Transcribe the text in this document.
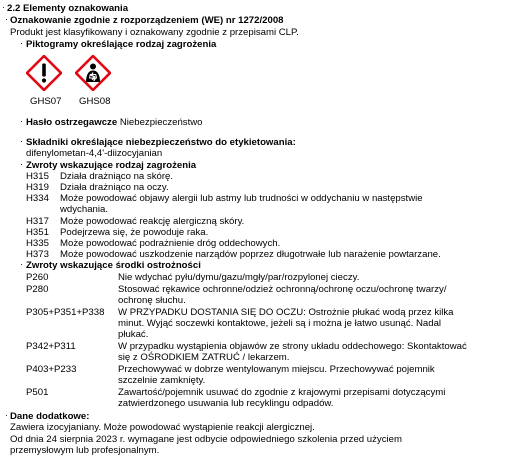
· 2.2 Elementy oznakowania
· Oznakowanie zgodnie z rozporządzeniem (WE) nr 1272/2008
Produkt jest klasyfikowany i oznakowany zgodnie z przepisami CLP.
· Piktogramy określające rodzaj zagrożenia
GHS07 GHS08
· Hasło ostrzegawcze Niebezpieczeństwo
· Składniki określające niebezpieczeństwo do etykietowania:
difenylometan-4,4'-diizocyjanian
· Zwroty wskazujące rodzaj zagrożenia
H315 Działa drażniąco na skórę.
H319 Działa drażniąco na oczy.
H334 Może powodować objawy alergii lub astmy lub trudności w oddychaniu w następstwie
wdychania.
H317 Może powodować reakcję alergiczną skóry.
H351 Podejrzewa się, że powoduje raka.
H335 Może powodować podrażnienie dróg oddechowych.
H373 Może powodować uszkodzenie narządów poprzez długotrwałe lub narażenie powtarzane.
· Zwroty wskazujące środki ostrożności
P260	Nie wdychać pyłu/dymu/gazu/mgły/par/rozpylonej cieczy.
P280	Stosować rękawice ochronne/odzież ochronną/ochronę oczu/ochronę twarzy/
ochronę słuchu.
P305+P351+P338 W PRZYPADKU DOSTANIA SIĘ DO OCZU: Ostrożnie płukać wodą przez kilka
minut. Wyjąć soczewki kontaktowe, jeżeli są i można je łatwo usunąć. Nadal
płukać.
P342+P311	W przypadku wystąpienia objawów ze strony układu oddechowego: Skontaktować
się z OŚRODKIEM ZATRUĆ / lekarzem.
P403+P233	Przechowywać w dobrze wentylowanym miejscu. Przechowywać pojemnik
szczelnie zamknięty.
P501	Zawartość/pojemnik usuwać do zgodnie z krajowymi przepisami dotyczącymi
zatwierdzonego usuwania lub recyklingu odpadów.
· Dane dodatkowe:
Zawiera izocyjaniany. Może powodować wystąpienie reakcji alergicznej.
Od dnia 24 sierpnia 2023 r. wymagane jest odbycie odpowiedniego szkolenia przed użyciem
przemysłowym lub profesjonalnym.
